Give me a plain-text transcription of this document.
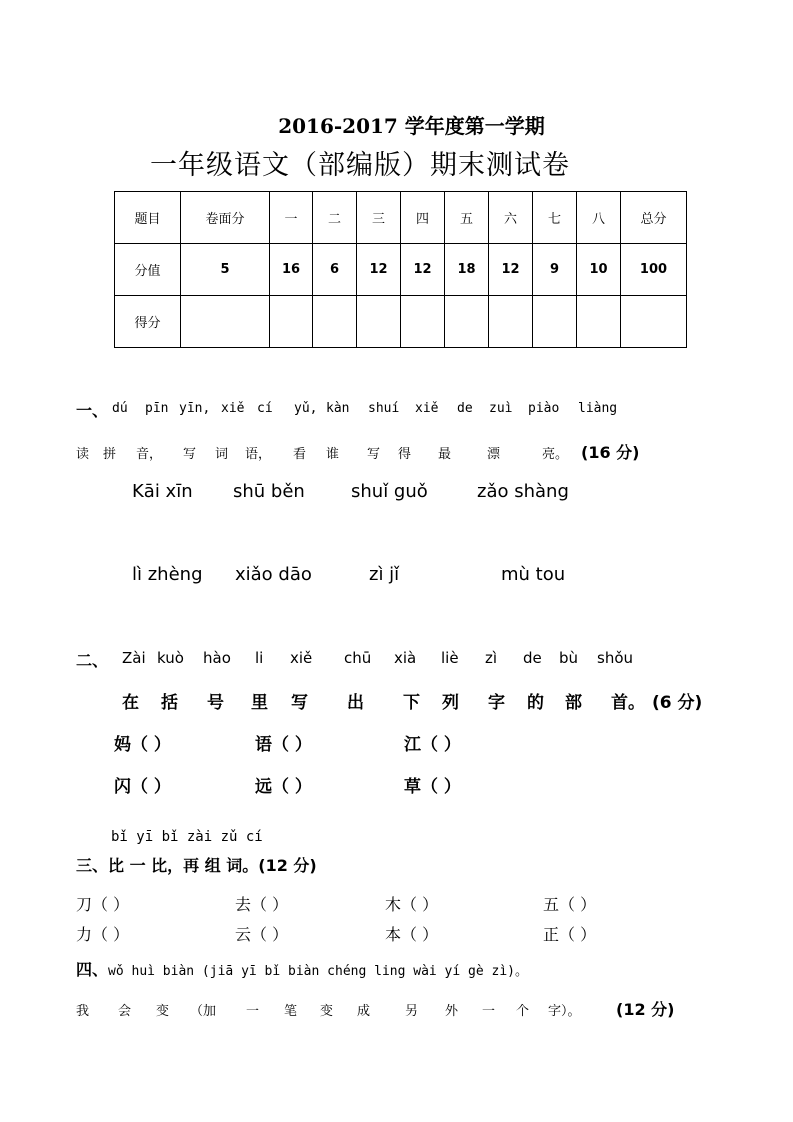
2016-2017 学年度第一学期
一年级语文（部编版）期末测试卷
题目	卷面分	一	二	三	四	五	六	七	八	总分
分值	5	16	6	12	12	18	12	9	10	100
得分										
一、 dú pīn yīn, xiě cí yǔ, kàn shuí xiě de zuì piào liàng
读 拼 音， 写 词 语， 看 谁 写 得 最	漂	亮。 (16 分)
Kāi xīn shū běn	shuǐ guǒ	zǎo shàng
lì zhèng xiǎo dāo	zì jǐ	mù tou
二、 Zài kuò hào li xiě chū xià liè zì de bù shǒu
在 括 号 里 写 出 下 列 字 的 部 首。 (6 分)
妈（ ）	语（ ）	江（ ）
闪（ ）	远（ ）	草（ ）
bǐ yī bǐ zài zǔ cí
三、比 一 比，再 组 词。(12 分)
刀（ ）	去（ ）	木（ ）	五（ ）
力（ ）	云（ ）	本（ ）	正（ ）
四、wǒ huì biàn (jiā yī bǐ biàn chéng ling wài yí gè zì)。
我 会 变 （加 一 笔 变 成	另 外 一 个 字）。 (12 分)
